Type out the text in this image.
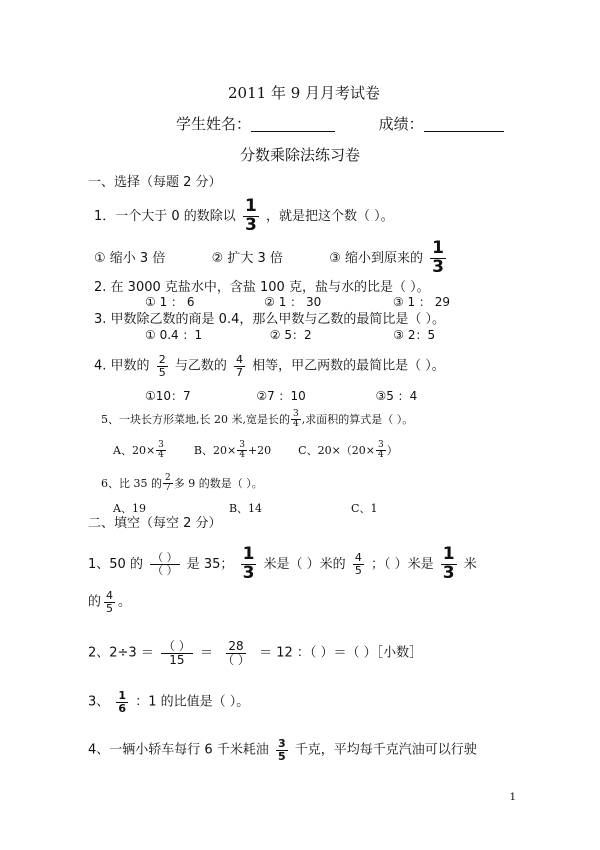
2011 年 9 月月考试卷
学生姓名：	成绩：
分数乘除法练习卷
一、选择（每题 2 分）
1．一个大于 0 的数除以 $\frac{1}{3}$ ，就是把这个数（ ）。
① 缩小 3 倍	② 扩大 3 倍	③ 缩小到原来的 $\frac{1}{3}$
2. 在 3000 克盐水中，含盐 100 克，盐与水的比是（ ）。
① 1 ： 6	② 1 ： 30	③ 1 ： 29
3. 甲数除乙数的商是 0.4，那么甲数与乙数的最简比是（ ）。
① 0.4 ：1	② 5：2	③ 2：5
4. 甲数的 $\frac{2}{5}$ 与乙数的 $\frac{4}{7}$ 相等，甲乙两数的最简比是（ ）。
①10：7	②7 ：10	③5 ：4
5、一块长方形菜地,长 20 米,宽是长的 $\frac{3}{4}$ ,求面积的算式是（ ）。
A、$20\times \frac{3}{4}$	B、$20\times \frac{3}{4} +20$ C、$20\times(20\times \frac{3}{4}$ ）
6、比 35 的 $\frac{2}{7}$ 多 9 的数是（ ）。
A、19	B、14	C、1
二、填空（每空 2 分）
1、50 的 $\frac{( )}{( )}$ 是 35； $\frac{1}{3}$ 米是（ ）米的 $\frac{4}{5}$ ；（ ）米是 $\frac{1}{3}$ 米
的 $\frac{4}{5}$ 。
2、$2\div 3 = \frac{( )}{15} = \frac{28}{( )} = 12$ ：（ ）＝（ ）［小数］
3、 $\frac{1}{6}$ ：1 的比值是（ ）。
4、一辆小轿车每行 6 千米耗油 $\frac{3}{5}$ 千克，平均每千克汽油可以行驶
1
